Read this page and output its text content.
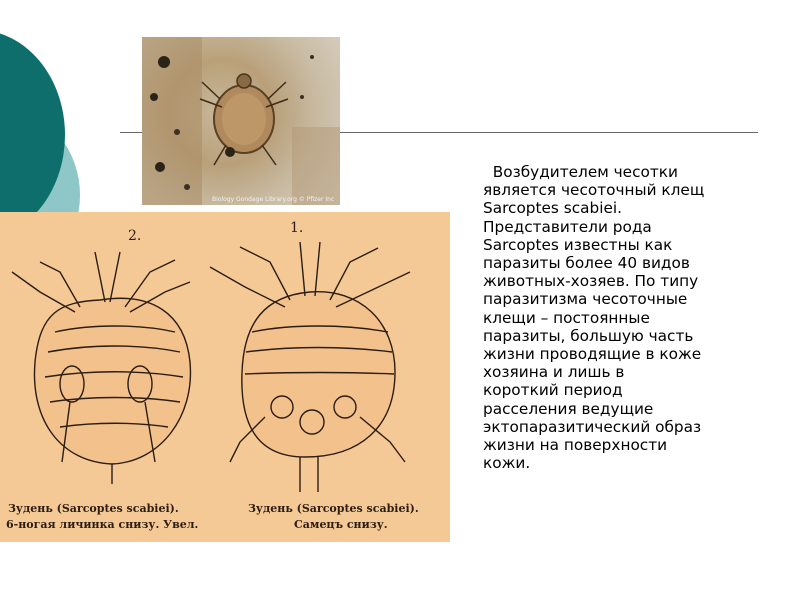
Biology Gondage Library.org © Pfizer Inc
2.	1.
Зудень (Sarcoptes scabiei).
6-ногая личинка снизу. Увел.
Зудень (Sarcoptes scabiei).
Самецъ снизу.
Возбудителем чесотки
является чесоточный клещ
Sarcoptes scabiei.
Представители рода
Sarcoptes известны как
паразиты более 40 видов
животных-хозяев. По типу
паразитизма чесоточные
клещи – постоянные
паразиты, большую часть
жизни проводящие в коже
хозяина и лишь в
короткий период
расселения ведущие
эктопаразитический образ
жизни на поверхности
кожи.
